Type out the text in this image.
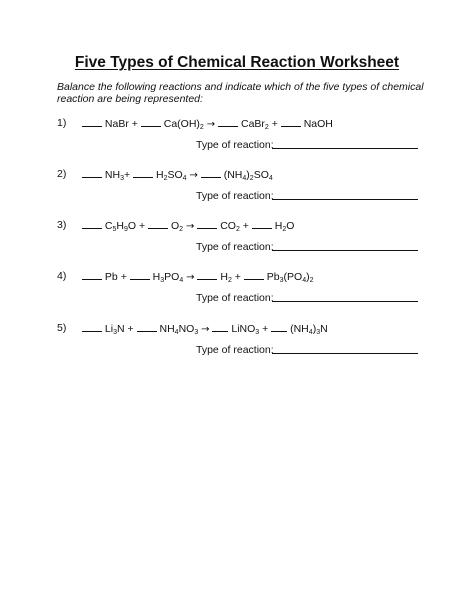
Five Types of Chemical Reaction Worksheet
Balance the following reactions and indicate which of the five types of chemical reaction are being represented:
1)	NaBr +  $Ca(OH)_2$ →  CaBr$_2$ +  NaOH
Type of reaction:
2)	$NH_3+ H_2SO_4 \to (NH_4)_2SO_4$
Type of reaction:
3)	$C_5H_9O + O_2 \to CO_2 + H_2O$
Type of reaction:
4)	$Pb + H_3PO_4 \to H_2 + Pb_3(PO_4)_2$
Type of reaction:
5)	$Li_3N + NH_4NO_3$ →  LiNO$_3$ +  $(NH_4)_3N$
Type of reaction:
